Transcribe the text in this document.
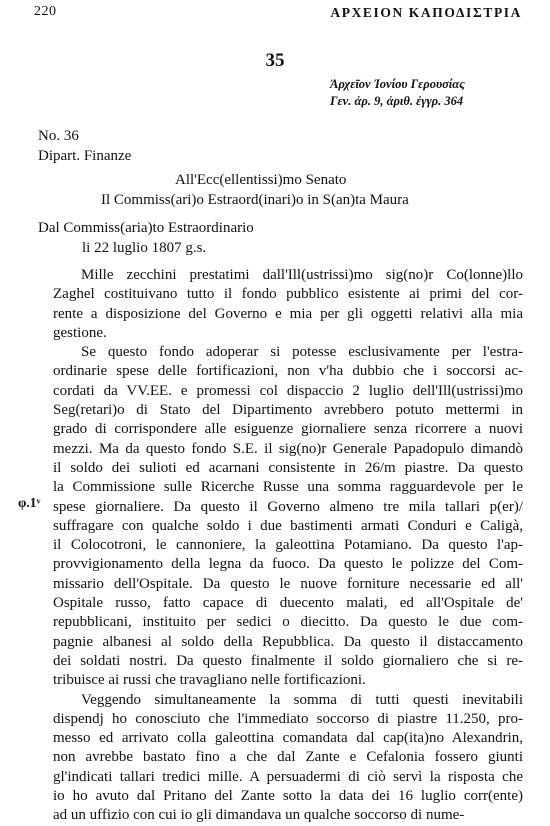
220	ΑΡΧΕΙΟΝ ΚΑΠΟΔΙΣΤΡΙΑ
35
Ἀρχεῖον Ἰονίου Γερουσίας
Γεν. ἀρ. 9, ἀριθ. ἐγγρ. 364
No. 36
Dipart. Finanze
All'Ecc(ellentissi)mo Senato
Il Commiss(ari)o Estraord(inari)o in S(an)ta Maura
Dal Commiss(aria)to Estraordinario
li 22 luglio 1807 g.s.
φ.1ᵛ
Mille zecchini prestatimi dall'Ill(ustrissi)mo sig(no)r Co(lonne)llo
Zaghel costituivano tutto il fondo pubblico esistente ai primi del cor-
rente a disposizione del Governo e mia per gli oggetti relativi alla mia
gestione.
Se questo fondo adoperar si potesse esclusivamente per l'estra-
ordinarie spese delle fortificazioni, non v'ha dubbio che i soccorsi ac-
cordati da VV.EE. e promessi col dispaccio 2 luglio dell'Ill(ustrissi)mo
Seg(retari)o di Stato del Dipartimento avrebbero potuto mettermi in
grado di corrispondere alle esiguenze giornaliere senza ricorrere a nuovi
mezzi. Ma da questo fondo S.E. il sig(no)r Generale Papadopulo dimandò
il soldo dei sulioti ed acarnani consistente in 26/m piastre. Da questo
la Commissione sulle Ricerche Russe una somma ragguardevole per le
spese giornaliere. Da questo il Governo almeno tre mila tallari p(er)/
suffragare con qualche soldo i due bastimenti armati Conduri e Caligà,
il Colocotroni, le cannoniere, la galeottina Potamiano. Da questo l'ap-
provvigionamento della legna da fuoco. Da questo le polizze del Com-
missario dell'Ospitale. Da questo le nuove forniture necessarie ed all'
Ospitale russo, fatto capace di duecento malati, ed all'Ospitale de'
repubblicani, instituito per sedici o diecitto. Da questo le due com-
pagnie albanesi al soldo della Repubblica. Da questo il distaccamento
dei soldati nostri. Da questo finalmente il soldo giornaliero che si re-
tribuisce ai russi che travagliano nelle fortificazioni.
Veggendo simultaneamente la somma di tutti questi inevitabili
dispendj ho conosciuto che l'immediato soccorso di piastre 11.250, pro-
messo ed arrivato colla galeottina comandata dal cap(ita)no Alexandrin,
non avrebbe bastato fino a che dal Zante e Cefalonia fossero giunti
gl'indicati tallari tredici mille. A persuadermi di ciò servì la risposta che
io ho avuto dal Pritano del Zante sotto la data dei 16 luglio corr(ente)
ad un uffizio con cui io gli dimandava un qualche soccorso di nume-
